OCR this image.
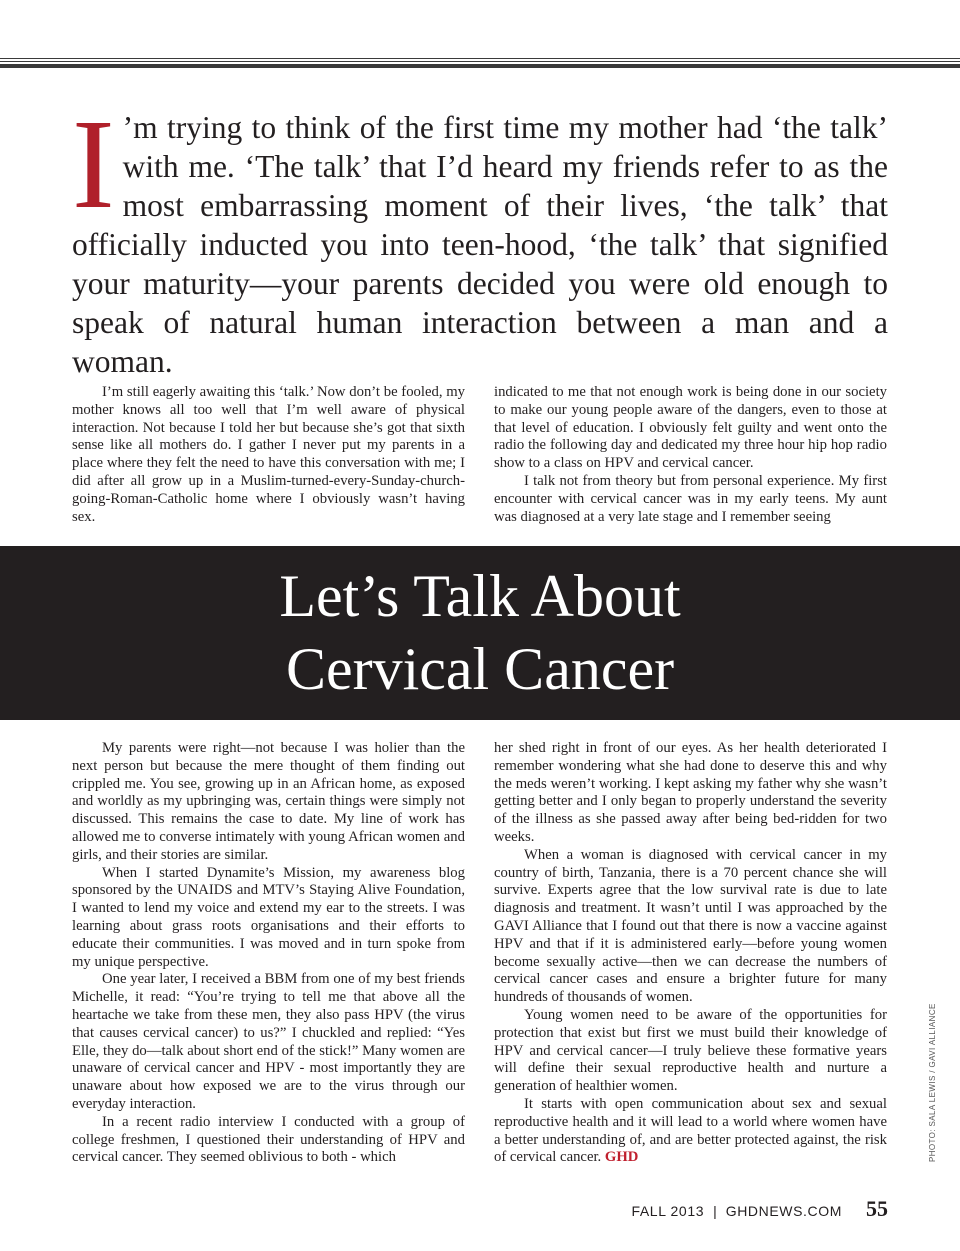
I ’m trying to think of the first time my mother had ‘the talk’ with me. ‘The talk’ that I’d heard my friends refer to as the most embarrassing moment of their lives, ‘the talk’ that officially inducted you into teen-hood, ‘the talk’ that signified your maturity—your parents decided you were old enough to speak of natural human interaction between a man and a woman.

I’m still eagerly awaiting this ‘talk.’ Now don’t be fooled, my mother knows all too well that I’m well aware of physical interaction. Not because I told her but because she’s got that sixth sense like all mothers do. I gather I never put my parents in a place where they felt the need to have this conversation with me; I did after all grow up in a Muslim-turned-every-Sunday-church-going-Roman-Catholic home where I obviously wasn’t having sex.

indicated to me that not enough work is being done in our society to make our young people aware of the dangers, even to those at that level of education. I obviously felt guilty and went onto the radio the following day and dedicated my three hour hip hop radio show to a class on HPV and cervical cancer.

I talk not from theory but from personal experience. My first encounter with cervical cancer was in my early teens. My aunt was diagnosed at a very late stage and I remember seeing

Let’s Talk About
Cervical Cancer

My parents were right—not because I was holier than the next person but because the mere thought of them finding out crippled me. You see, growing up in an African home, as exposed and worldly as my upbringing was, certain things were simply not discussed. This remains the case to date. My line of work has allowed me to converse intimately with young African women and girls, and their stories are similar.

When I started Dynamite’s Mission, my awareness blog sponsored by the UNAIDS and MTV’s Staying Alive Foundation, I wanted to lend my voice and extend my ear to the streets. I was learning about grass roots organisations and their efforts to educate their communities. I was moved and in turn spoke from my unique perspective.

One year later, I received a BBM from one of my best friends Michelle, it read: “You’re trying to tell me that above all the heartache we take from these men, they also pass HPV (the virus that causes cervical cancer) to us?” I chuckled and replied: “Yes Elle, they do—talk about short end of the stick!” Many women are unaware of cervical cancer and HPV - most importantly they are unaware about how exposed we are to the virus through our everyday interaction.

In a recent radio interview I conducted with a group of college freshmen, I questioned their understanding of HPV and cervical cancer. They seemed oblivious to both - which

her shed right in front of our eyes. As her health deteriorated I remember wondering what she had done to deserve this and why the meds weren’t working. I kept asking my father why she wasn’t getting better and I only began to properly understand the severity of the illness as she passed away after being bed-ridden for two weeks.

When a woman is diagnosed with cervical cancer in my country of birth, Tanzania, there is a 70 percent chance she will survive. Experts agree that the low survival rate is due to late diagnosis and treatment. It wasn’t until I was approached by the GAVI Alliance that I found out that there is now a vaccine against HPV and that if it is administered early—before young women become sexually active—then we can decrease the numbers of cervical cancer cases and ensure a brighter future for many hundreds of thousands of women.

Young women need to be aware of the opportunities for protection that exist but first we must build their knowledge of HPV and cervical cancer—I truly believe these formative years will define their sexual reproductive health and nurture a generation of healthier women.

It starts with open communication about sex and sexual reproductive health and it will lead to a world where women have a better understanding of, and are better protected against, the risk of cervical cancer. GHD	PHOTO: SALA LEWIS / GAVI ALLIANCE
FALL 2013 | GHDNEWS.COM 55
